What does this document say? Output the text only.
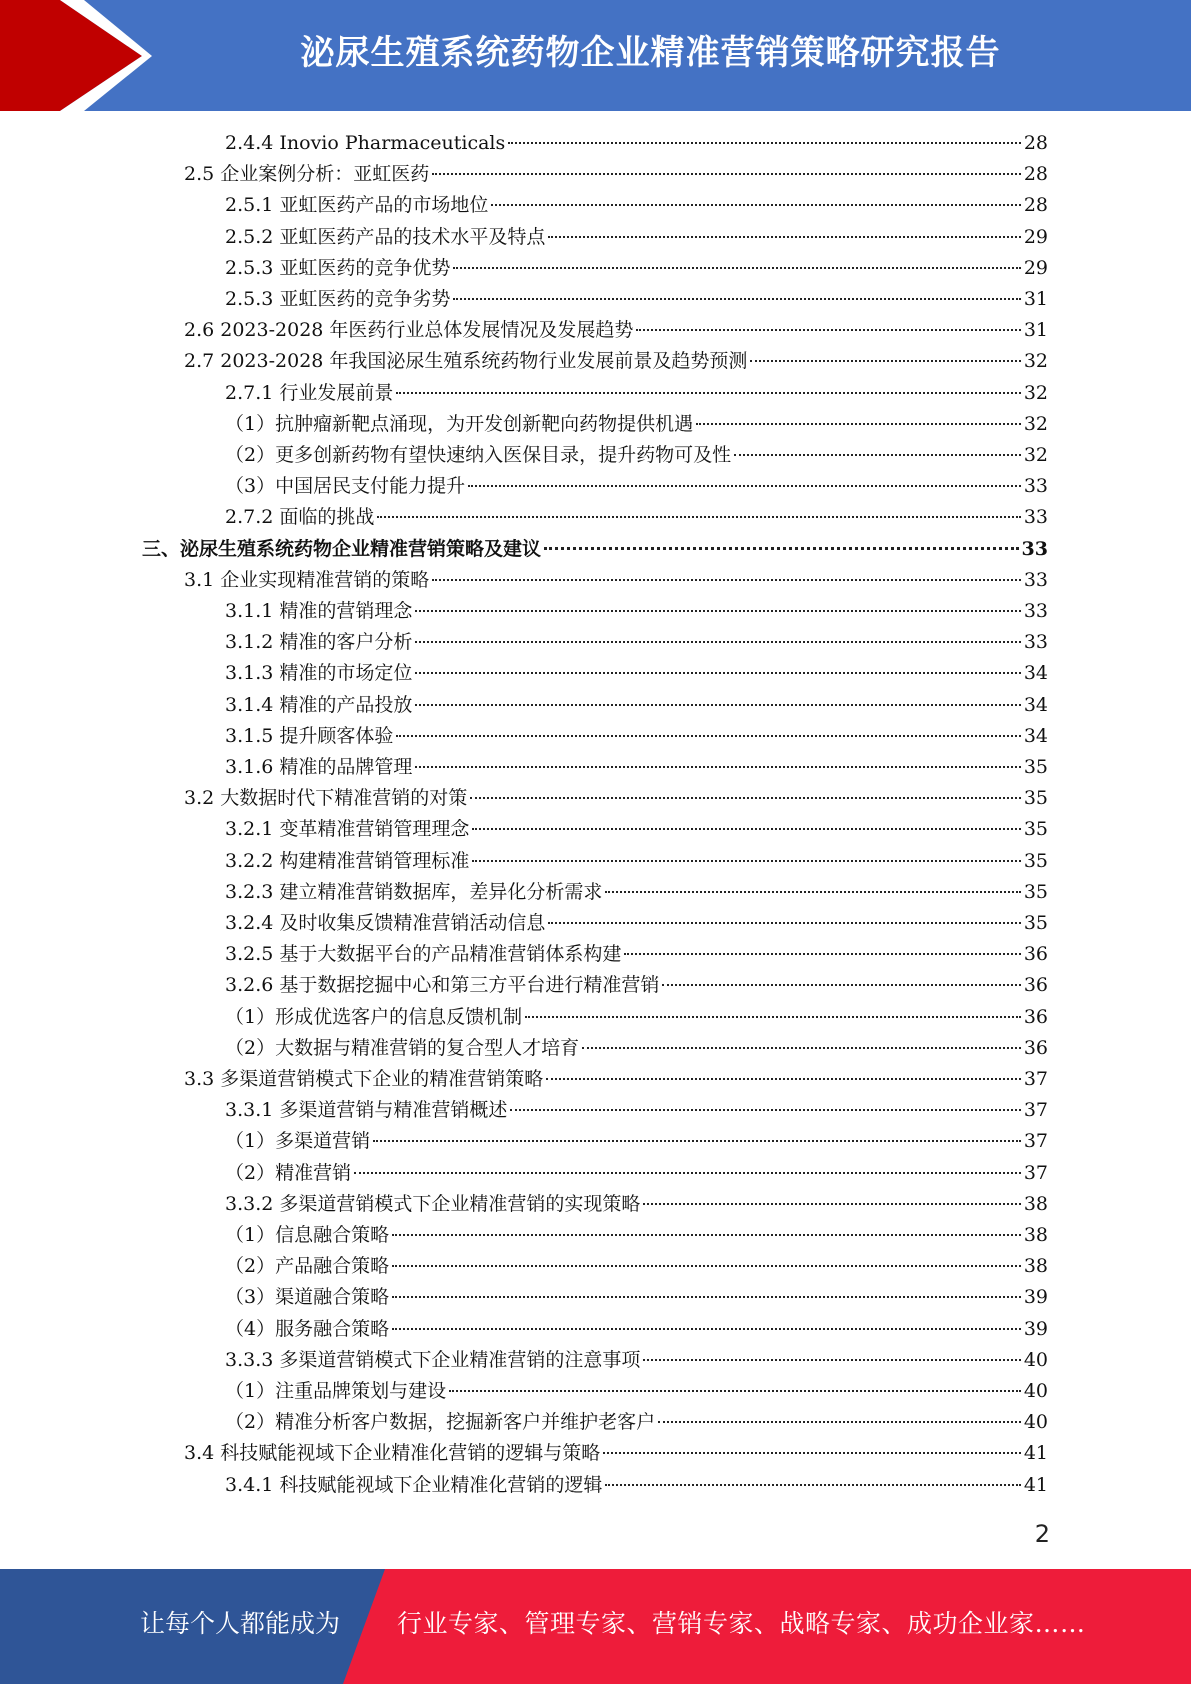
泌尿生殖系统药物企业精准营销策略研究报告
2.4.4 Inovio Pharmaceuticals	28
2.5 企业案例分析：亚虹医药	28
2.5.1 亚虹医药产品的市场地位	28
2.5.2 亚虹医药产品的技术水平及特点	29
2.5.3 亚虹医药的竞争优势	29
2.5.3 亚虹医药的竞争劣势	31
2.6 2023-2028 年医药行业总体发展情况及发展趋势	31
2.7 2023-2028 年我国泌尿生殖系统药物行业发展前景及趋势预测	32
2.7.1 行业发展前景	32
（1）抗肿瘤新靶点涌现，为开发创新靶向药物提供机遇	32
（2）更多创新药物有望快速纳入医保目录，提升药物可及性	32
（3）中国居民支付能力提升	33
2.7.2 面临的挑战	33
三、泌尿生殖系统药物企业精准营销策略及建议	33
3.1 企业实现精准营销的策略	33
3.1.1 精准的营销理念	33
3.1.2 精准的客户分析	33
3.1.3 精准的市场定位	34
3.1.4 精准的产品投放	34
3.1.5 提升顾客体验	34
3.1.6 精准的品牌管理	35
3.2 大数据时代下精准营销的对策	35
3.2.1 变革精准营销管理理念	35
3.2.2 构建精准营销管理标准	35
3.2.3 建立精准营销数据库，差异化分析需求	35
3.2.4 及时收集反馈精准营销活动信息	35
3.2.5 基于大数据平台的产品精准营销体系构建	36
3.2.6 基于数据挖掘中心和第三方平台进行精准营销	36
（1）形成优选客户的信息反馈机制	36
（2）大数据与精准营销的复合型人才培育	36
3.3 多渠道营销模式下企业的精准营销策略	37
3.3.1 多渠道营销与精准营销概述	37
（1）多渠道营销	37
（2）精准营销	37
3.3.2 多渠道营销模式下企业精准营销的实现策略	38
（1）信息融合策略	38
（2）产品融合策略	38
（3）渠道融合策略	39
（4）服务融合策略	39
3.3.3 多渠道营销模式下企业精准营销的注意事项	40
（1）注重品牌策划与建设	40
（2）精准分析客户数据，挖掘新客户并维护老客户	40
3.4 科技赋能视域下企业精准化营销的逻辑与策略	41
3.4.1 科技赋能视域下企业精准化营销的逻辑	41
2
让每个人都能成为 行业专家、管理专家、营销专家、战略专家、成功企业家……
